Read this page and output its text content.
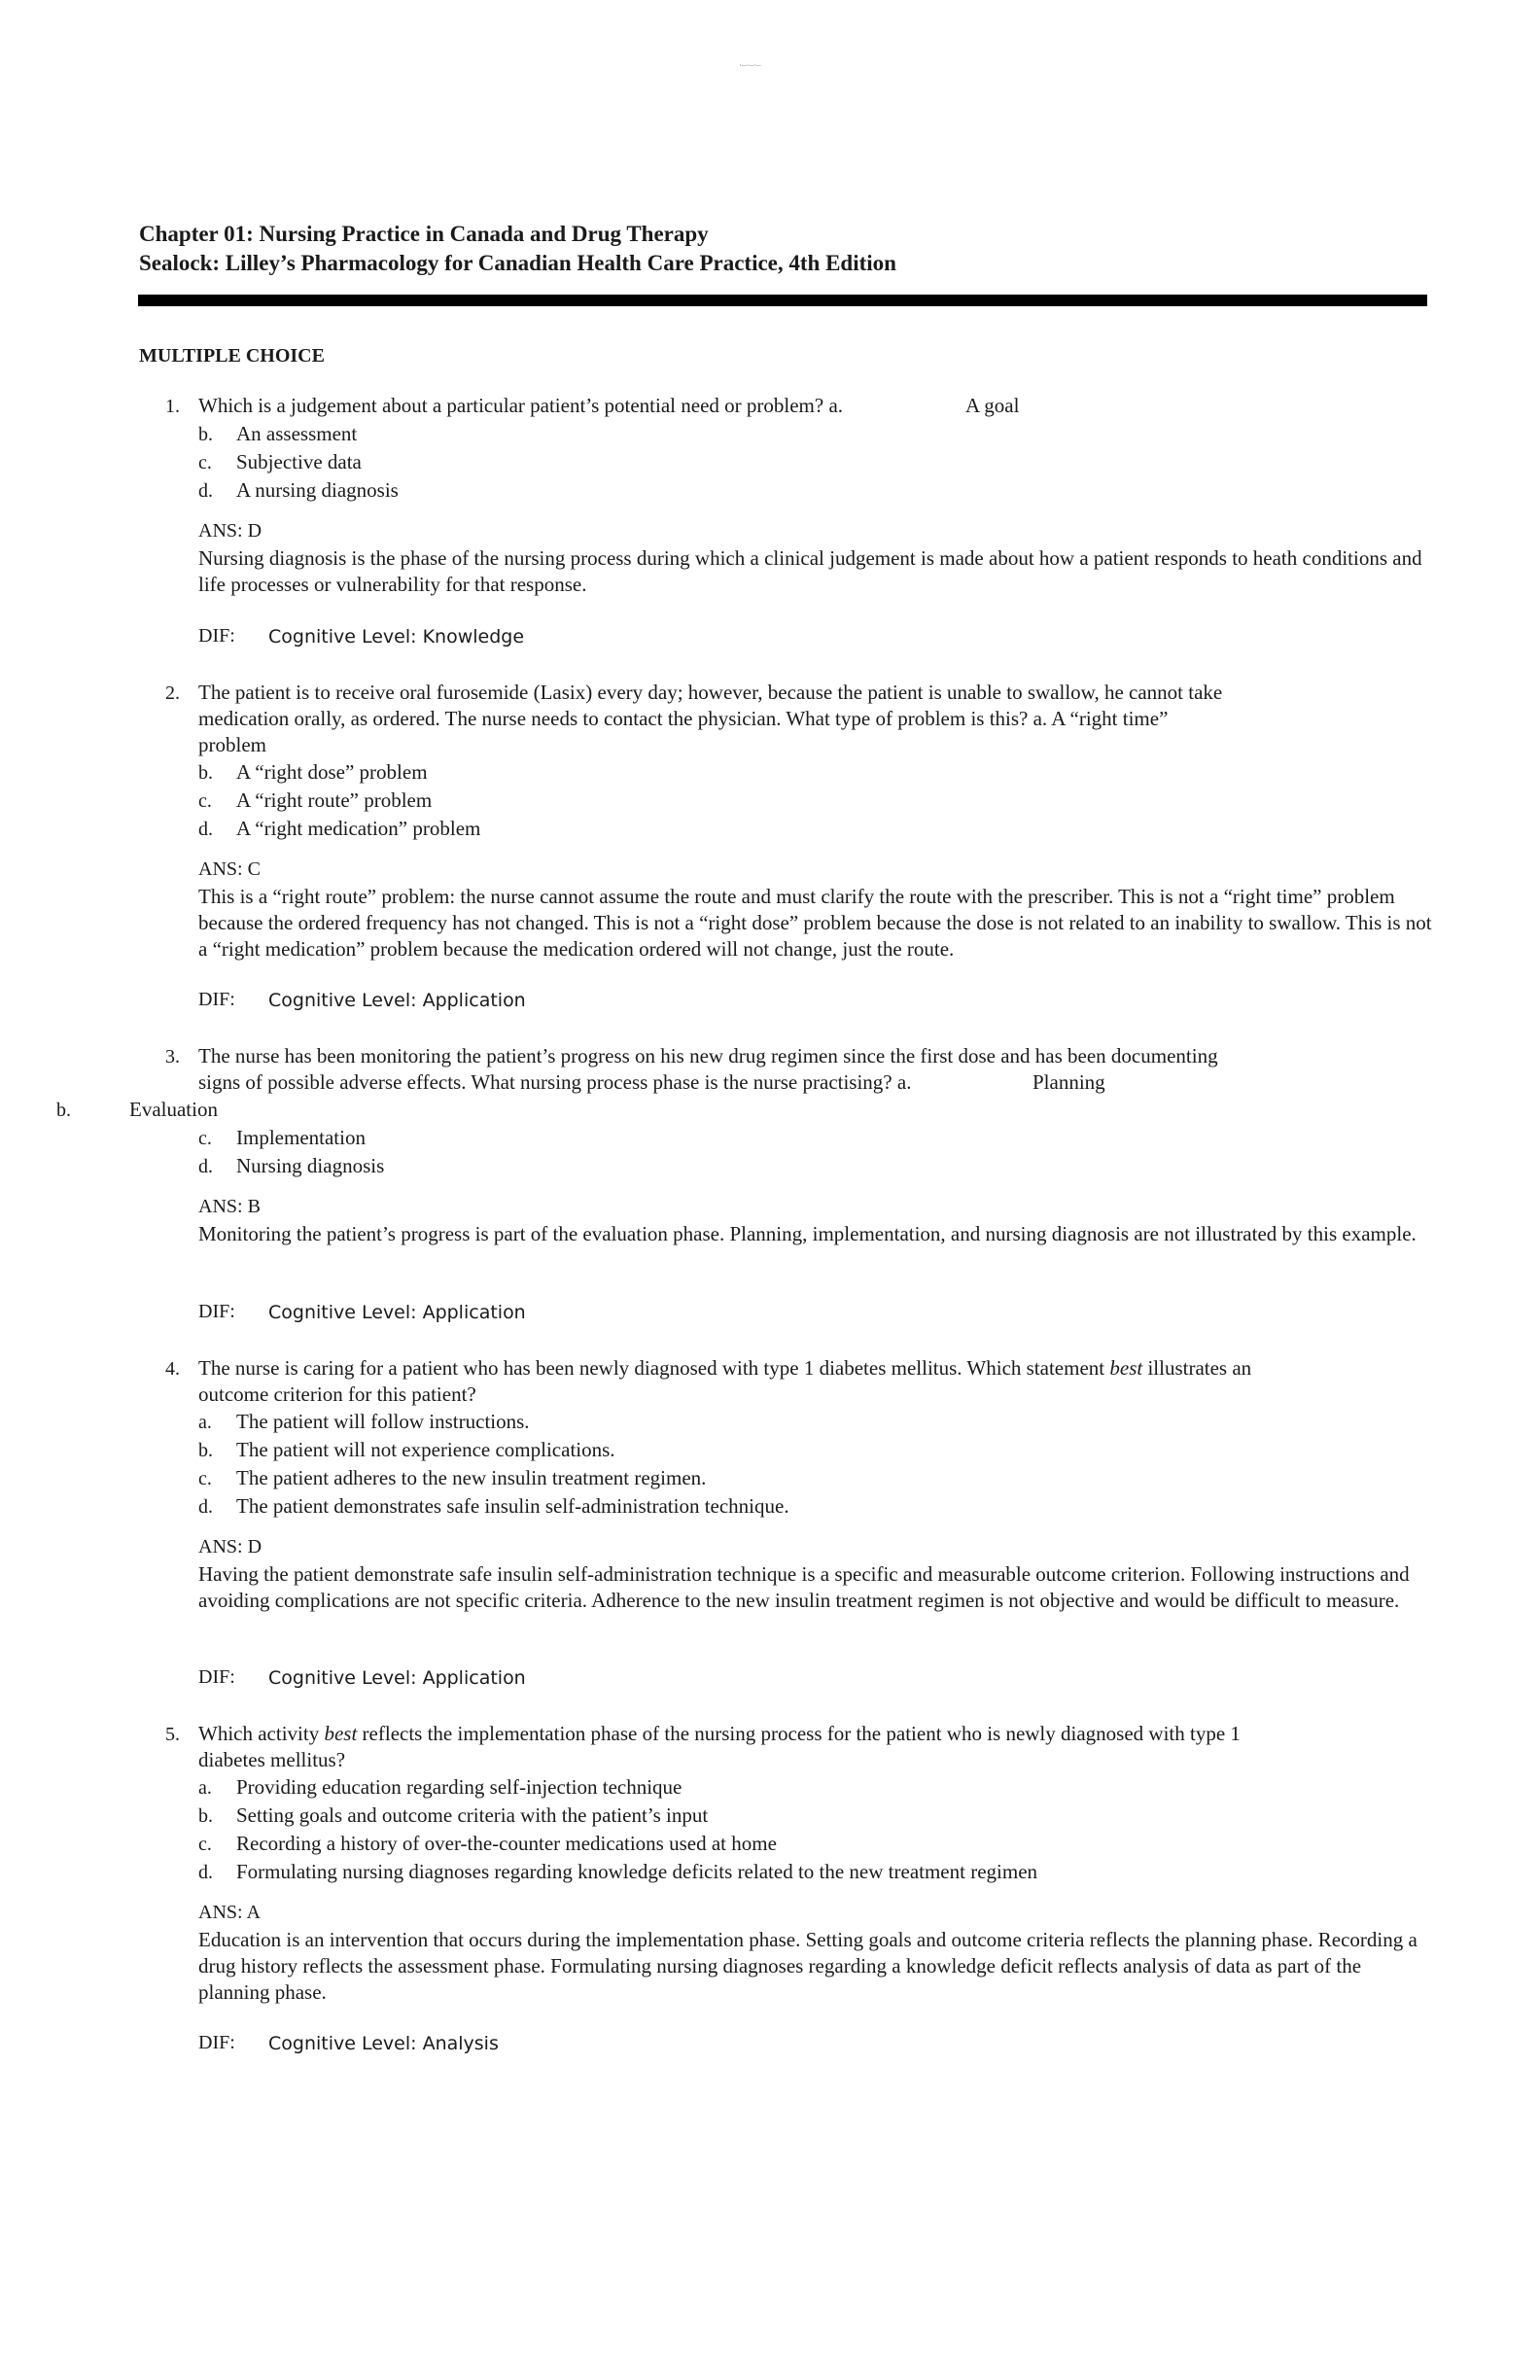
·–·–·–
Chapter 01: Nursing Practice in Canada and Drug Therapy
Sealock: Lilley’s Pharmacology for Canadian Health Care Practice, 4th Edition
MULTIPLE CHOICE
1. Which is a judgement about a particular patient’s potential need or problem? a.	A goal
b. An assessment
c. Subjective data
d. A nursing diagnosis
ANS: D
Nursing diagnosis is the phase of the nursing process during which a clinical judgement is made about how a patient responds to heath conditions and life processes or vulnerability for that response.
DIF: Cognitive Level: Knowledge
2. The patient is to receive oral furosemide (Lasix) every day; however, because the patient is unable to swallow, he cannot take
medication orally, as ordered. The nurse needs to contact the physician. What type of problem is this? a. A “right time”
problem
b. A “right dose” problem
c. A “right route” problem
d. A “right medication” problem
ANS: C
This is a “right route” problem: the nurse cannot assume the route and must clarify the route with the prescriber. This is not a “right time” problem because the ordered frequency has not changed. This is not a “right dose” problem because the dose is not related to an inability to swallow. This is not a “right medication” problem because the medication ordered will not change, just the route.
DIF: Cognitive Level: Application
3. The nurse has been monitoring the patient’s progress on his new drug regimen since the first dose and has been documenting
signs of possible adverse effects. What nursing process phase is the nurse practising? a.	Planning
b.	Evaluation
c. Implementation
d. Nursing diagnosis
ANS: B
Monitoring the patient’s progress is part of the evaluation phase. Planning, implementation, and nursing diagnosis are not illustrated by this example.
DIF: Cognitive Level: Application
4. The nurse is caring for a patient who has been newly diagnosed with type 1 diabetes mellitus. Which statement best illustrates an
outcome criterion for this patient?
a. The patient will follow instructions.
b. The patient will not experience complications.
c. The patient adheres to the new insulin treatment regimen.
d. The patient demonstrates safe insulin self-administration technique.
ANS: D
Having the patient demonstrate safe insulin self-administration technique is a specific and measurable outcome criterion. Following instructions and avoiding complications are not specific criteria. Adherence to the new insulin treatment regimen is not objective and would be difficult to measure.
DIF: Cognitive Level: Application
5. Which activity best reflects the implementation phase of the nursing process for the patient who is newly diagnosed with type 1
diabetes mellitus?
a. Providing education regarding self-injection technique
b. Setting goals and outcome criteria with the patient’s input
c. Recording a history of over-the-counter medications used at home
d. Formulating nursing diagnoses regarding knowledge deficits related to the new treatment regimen
ANS: A
Education is an intervention that occurs during the implementation phase. Setting goals and outcome criteria reflects the planning phase. Recording a drug history reflects the assessment phase. Formulating nursing diagnoses regarding a knowledge deficit reflects analysis of data as part of the planning phase.
DIF: Cognitive Level: Analysis
